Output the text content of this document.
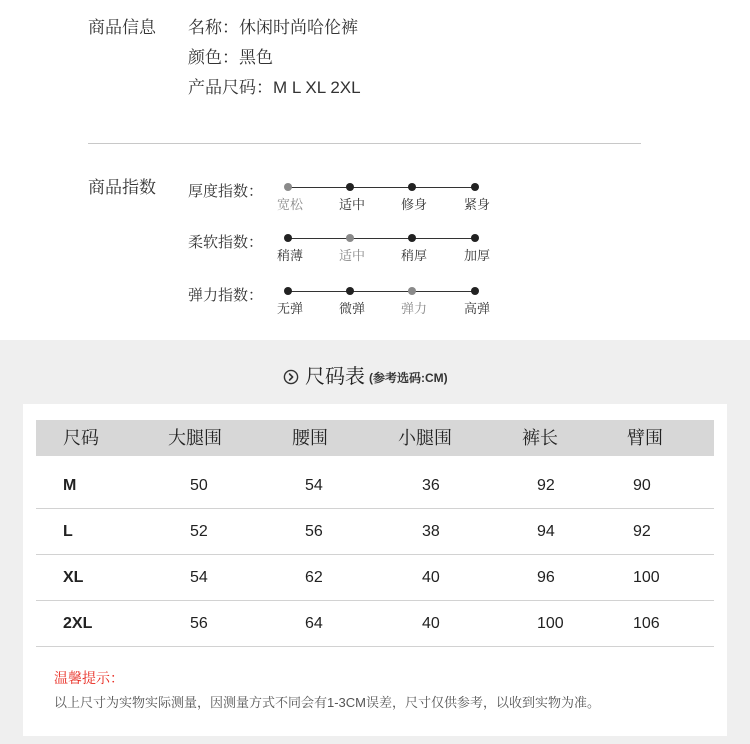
商品信息 名称：休闲时尚哈伦裤
颜色：黑色
产品尺码：M L XL 2XL
商品指数 厚度指数：
宽松	适中	修身	紧身
柔软指数：
稍薄	适中	稍厚	加厚
弹力指数：
无弹	微弹	弹力	高弹
尺码表 (参考选码:CM)
尺码	大腿围	腰围	小腿围	裤长	臂围
M	50	54	36	92	90
L	52	56	38	94	92
XL	54	62	40	96	100
2XL	56	64	40	100	106
温馨提示：
以上尺寸为实物实际测量，因测量方式不同会有1-3CM误差，尺寸仅供参考，以收到实物为准。
